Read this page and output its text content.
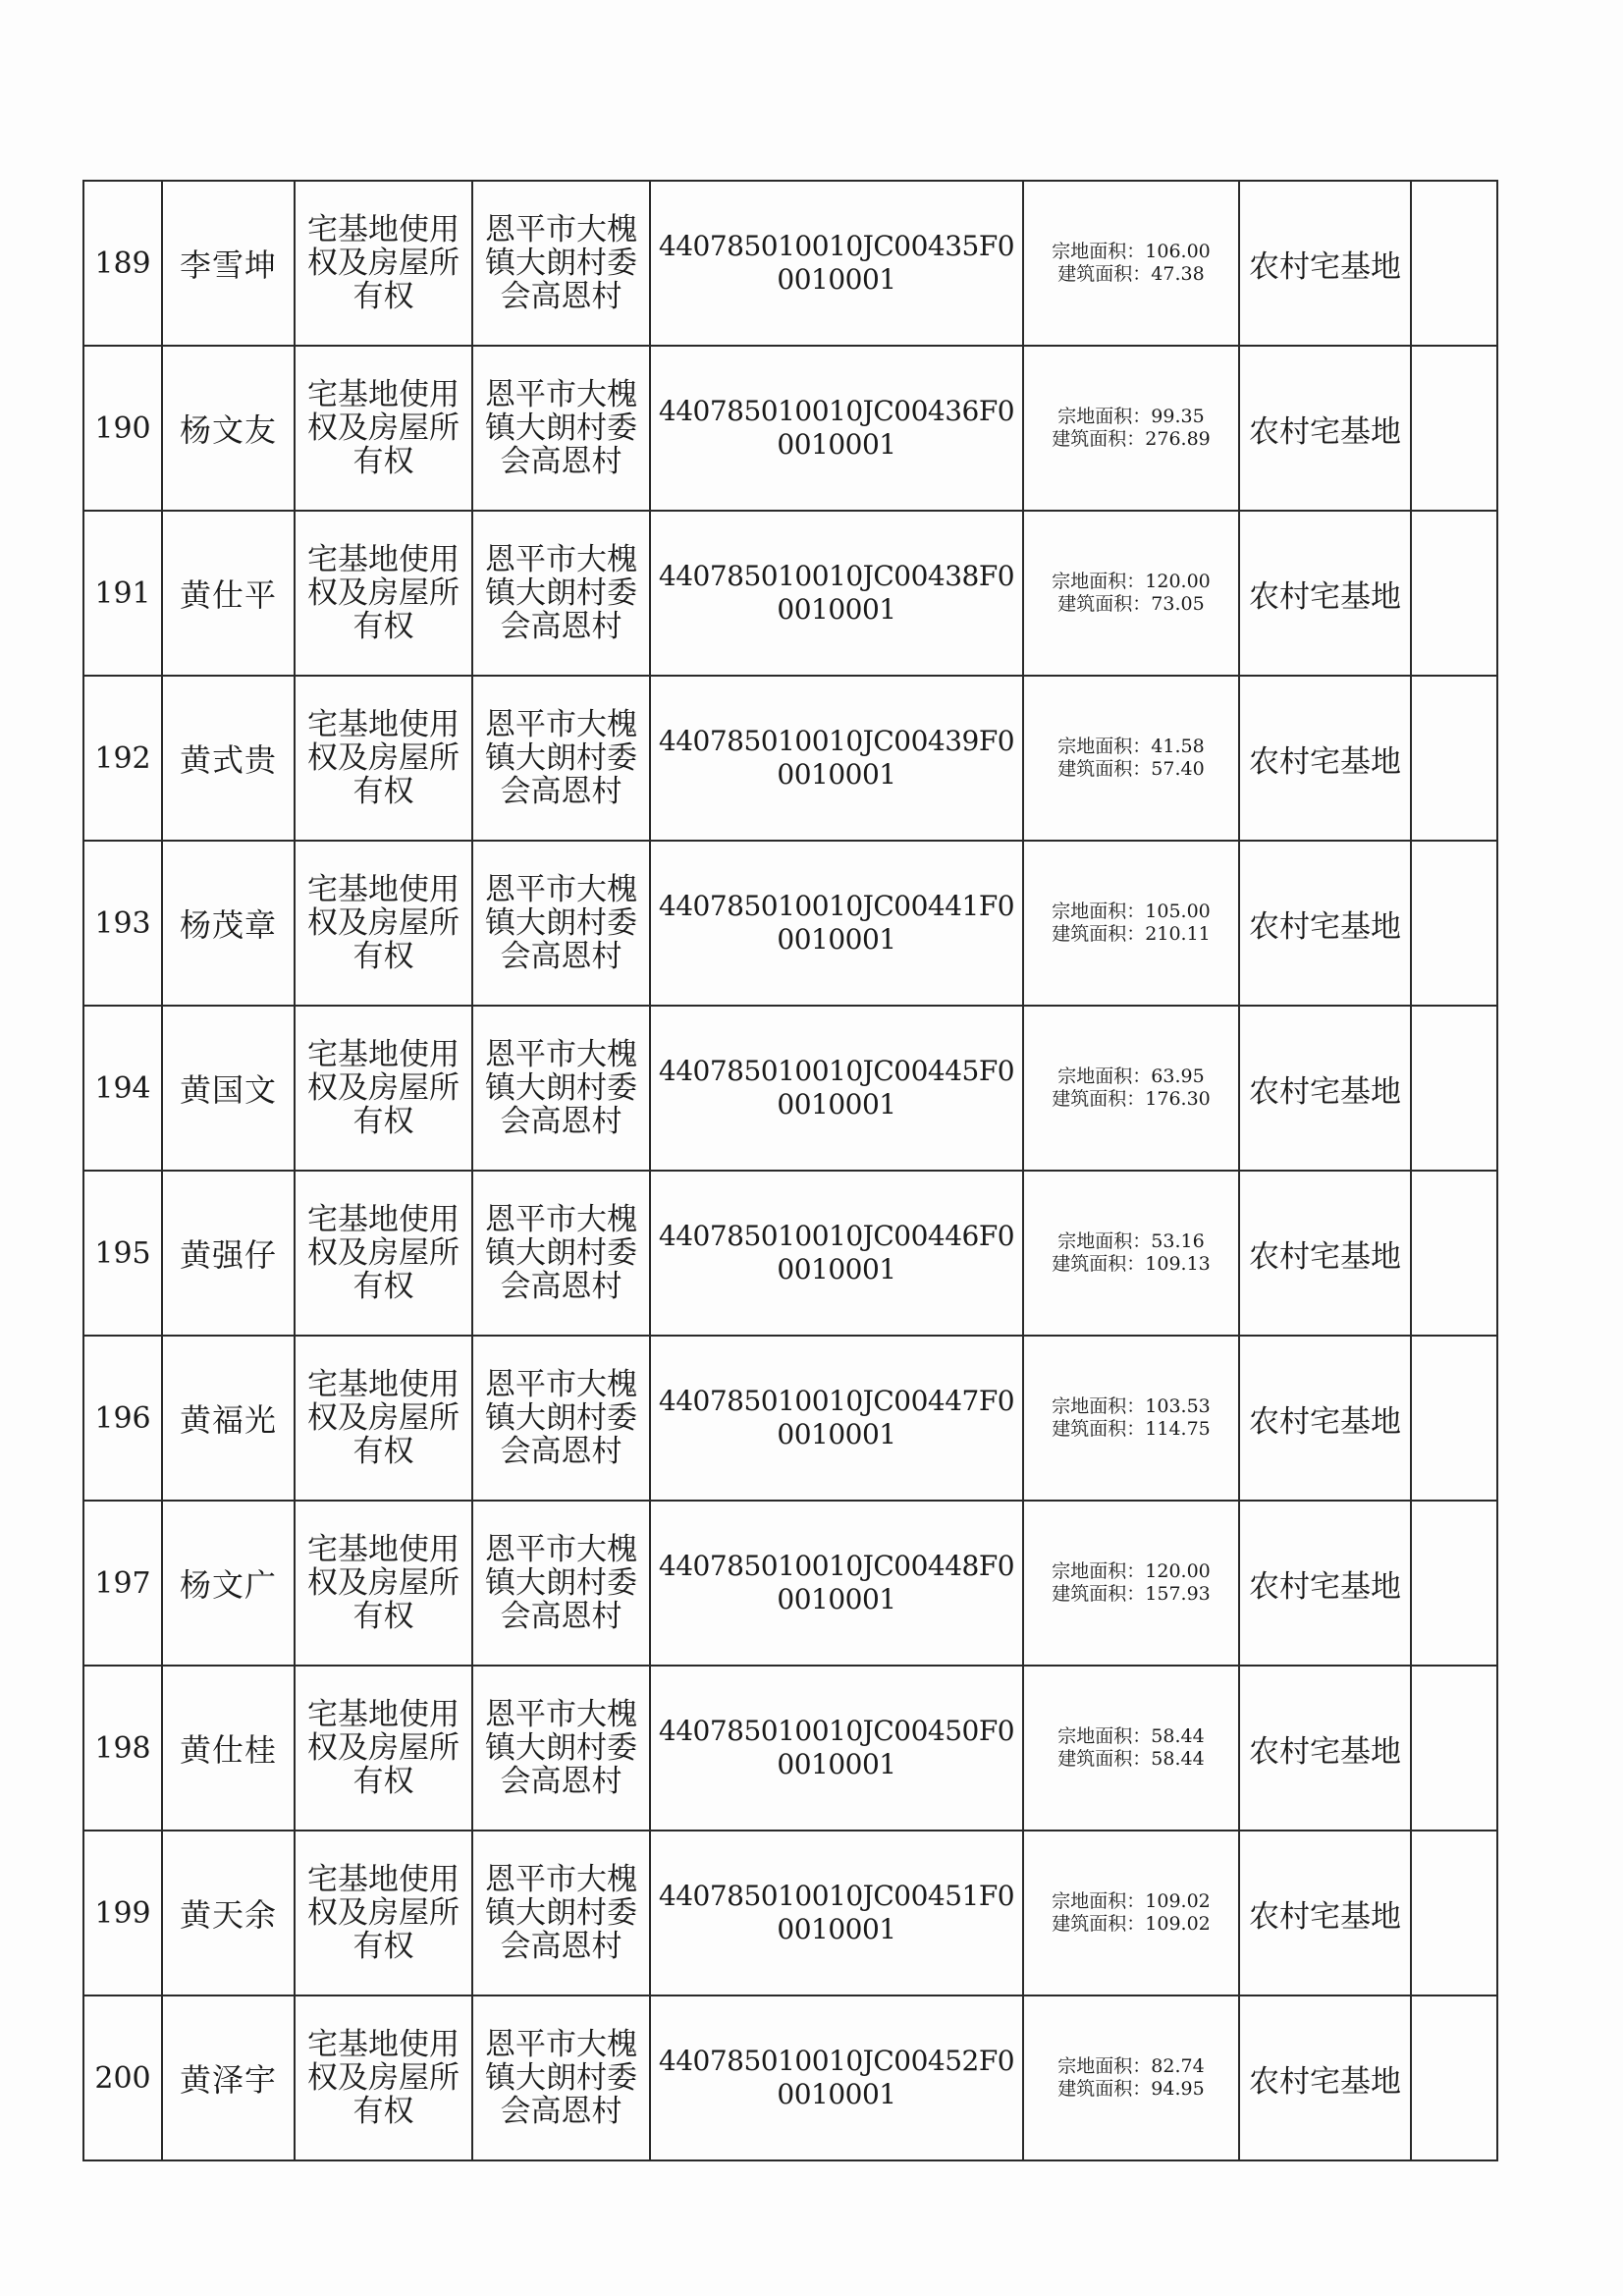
189	李雪坤	宅基地使用权及房屋所有权	恩平市大槐镇大朗村委会高恩村	440785010010JC00435F00010001	宗地面积：106.00
建筑面积：47.38	农村宅基地	
190	杨文友	宅基地使用权及房屋所有权	恩平市大槐镇大朗村委会高恩村	440785010010JC00436F00010001	宗地面积：99.35
建筑面积：276.89	农村宅基地	
191	黄仕平	宅基地使用权及房屋所有权	恩平市大槐镇大朗村委会高恩村	440785010010JC00438F00010001	宗地面积：120.00
建筑面积：73.05	农村宅基地	
192	黄式贵	宅基地使用权及房屋所有权	恩平市大槐镇大朗村委会高恩村	440785010010JC00439F00010001	宗地面积：41.58
建筑面积：57.40	农村宅基地	
193	杨茂章	宅基地使用权及房屋所有权	恩平市大槐镇大朗村委会高恩村	440785010010JC00441F00010001	宗地面积：105.00
建筑面积：210.11	农村宅基地	
194	黄国文	宅基地使用权及房屋所有权	恩平市大槐镇大朗村委会高恩村	440785010010JC00445F00010001	宗地面积：63.95
建筑面积：176.30	农村宅基地	
195	黄强仔	宅基地使用权及房屋所有权	恩平市大槐镇大朗村委会高恩村	440785010010JC00446F00010001	宗地面积：53.16
建筑面积：109.13	农村宅基地	
196	黄福光	宅基地使用权及房屋所有权	恩平市大槐镇大朗村委会高恩村	440785010010JC00447F00010001	宗地面积：103.53
建筑面积：114.75	农村宅基地	
197	杨文广	宅基地使用权及房屋所有权	恩平市大槐镇大朗村委会高恩村	440785010010JC00448F00010001	宗地面积：120.00
建筑面积：157.93	农村宅基地	
198	黄仕桂	宅基地使用权及房屋所有权	恩平市大槐镇大朗村委会高恩村	440785010010JC00450F00010001	宗地面积：58.44
建筑面积：58.44	农村宅基地	
199	黄天余	宅基地使用权及房屋所有权	恩平市大槐镇大朗村委会高恩村	440785010010JC00451F00010001	宗地面积：109.02
建筑面积：109.02	农村宅基地	
200	黄泽宇	宅基地使用权及房屋所有权	恩平市大槐镇大朗村委会高恩村	440785010010JC00452F00010001	宗地面积：82.74
建筑面积：94.95	农村宅基地	
